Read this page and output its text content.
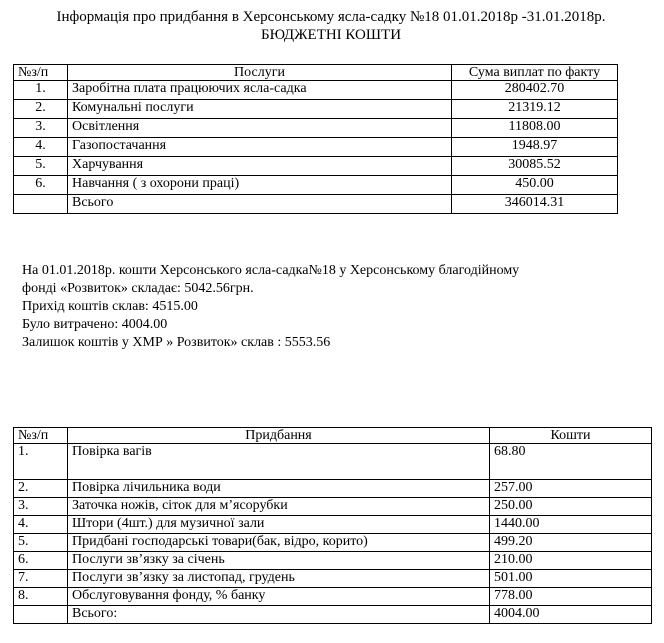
Інформація про придбання в Херсонському ясла-садку №18 01.01.2018р -31.01.2018р.
БЮДЖЕТНІ КОШТИ
№з/п	Послуги	Сума виплат по факту
1.	Заробітна плата працюючих ясла-садка	280402.70
2.	Комунальні послуги	21319.12
3.	Освітлення	11808.00
4.	Газопостачання	1948.97
5.	Харчування	30085.52
6.	Навчання ( з охорони праці)	450.00
	Всього	346014.31
На 01.01.2018р. кошти Херсонського ясла-садка№18 у Херсонському благодійному
фонді «Розвиток» складає: 5042.56грн.
Прихід коштів склав: 4515.00
Було витрачено: 4004.00
Залишок коштів у ХМР » Розвиток» склав : 5553.56
№з/п	Придбання	Кошти
1.	Повірка вагів	68.80
2.	Повірка лічильника води	257.00
3.	Заточка ножів, сіток для м’ясорубки	250.00
4.	Штори (4шт.) для музичної зали	1440.00
5.	Придбані господарські товари(бак, відро, корито)	499.20
6.	Послуги зв’язку за січень	210.00
7.	Послуги зв’язку за листопад, грудень	501.00
8.	Обслуговування фонду, % банку	778.00
	Всього:	4004.00
